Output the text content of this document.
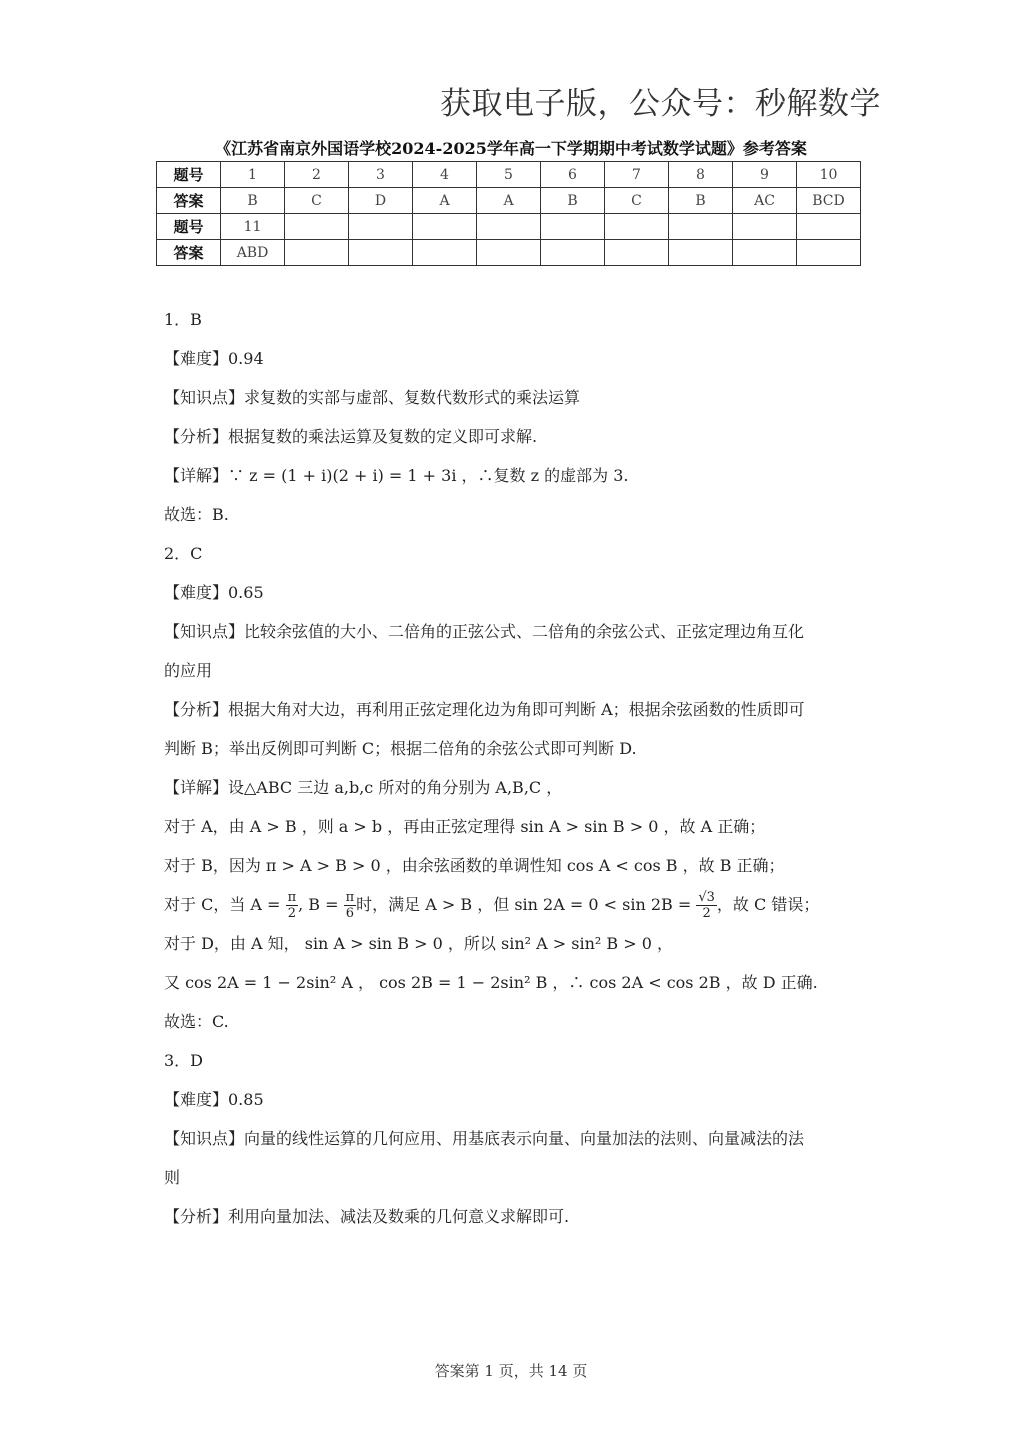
获取电子版，公众号：秒解数学
《江苏省南京外国语学校2024-2025学年高一下学期期中考试数学试题》参考答案
题号	1	2	3	4	5	6	7	8	9	10
答案	B	C	D	A	A	B	C	B	AC	BCD
题号	11									
答案	ABD									
1．B
【难度】0.94
【知识点】求复数的实部与虚部、复数代数形式的乘法运算
【分析】根据复数的乘法运算及复数的定义即可求解.
【详解】∵ z = (1 + i)(2 + i) = 1 + 3i ，∴复数 z 的虚部为 3.
故选：B.
2．C
【难度】0.65
【知识点】比较余弦值的大小、二倍角的正弦公式、二倍角的余弦公式、正弦定理边角互化
的应用
【分析】根据大角对大边，再利用正弦定理化边为角即可判断 A；根据余弦函数的性质即可
判断 B；举出反例即可判断 C；根据二倍角的余弦公式即可判断 D.
【详解】设△ABC 三边 a,b,c 所对的角分别为 A,B,C ，
对于 A，由 A > B ，则 a > b ，再由正弦定理得 sin A > sin B > 0 ，故 A 正确；
对于 B，因为 π > A > B > 0 ，由余弦函数的单调性知 cos A < cos B ，故 B 正确；
对于 C，当 $A = \frac{\pi}{2}$ , $B = \frac{\pi}{6}$ 时，满足 A > B ，但 $\sin 2A = 0 < \sin 2B = \frac{√3}{2}$ ，故 C 错误；
对于 D，由 A 知， sin A > sin B > 0 ，所以 sin² A > sin² B > 0 ，
又 cos 2A = 1 − 2sin² A ， cos 2B = 1 − 2sin² B ，∴ cos 2A < cos 2B ，故 D 正确.
故选：C.
3．D
【难度】0.85
【知识点】向量的线性运算的几何应用、用基底表示向量、向量加法的法则、向量减法的法
则
【分析】利用向量加法、减法及数乘的几何意义求解即可.
答案第 1 页，共 14 页
